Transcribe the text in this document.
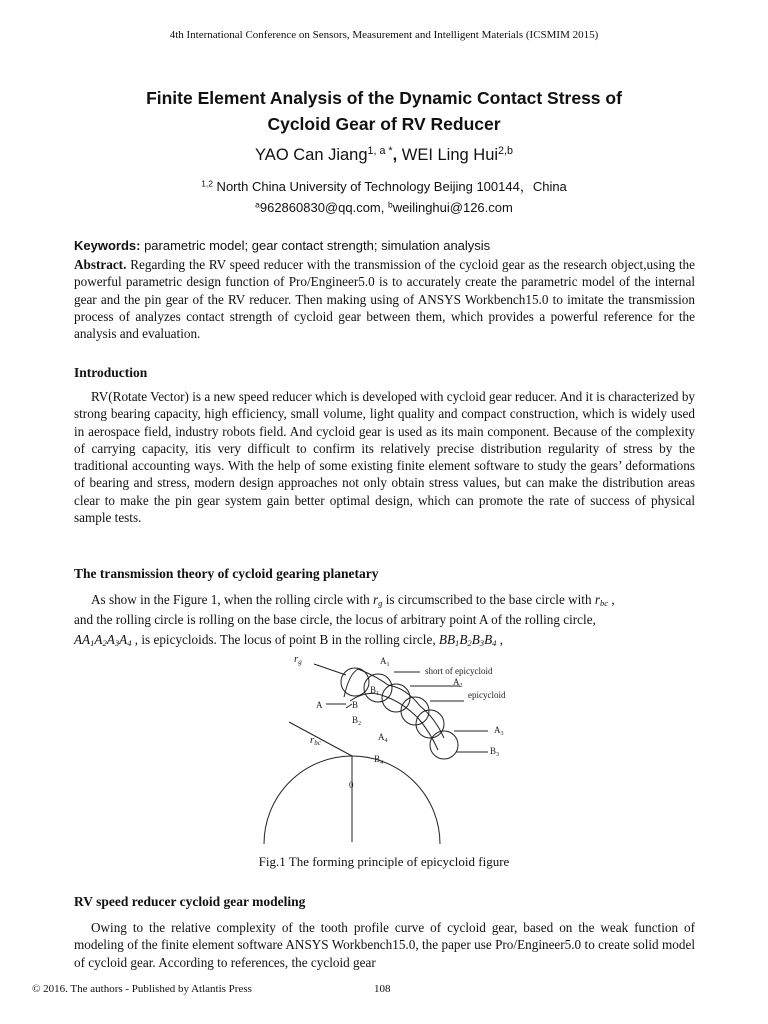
4th International Conference on Sensors, Measurement and Intelligent Materials (ICSMIM 2015)
Finite Element Analysis of the Dynamic Contact Stress of
Cycloid Gear of RV Reducer
YAO Can Jiang$^{1, a *}$, WEI Ling Hui$^{2,b}$
$^{1,2}$ North China University of Technology Beijing 100144，China
$^a$962860830@qq.com, $^b$weilinghui@126.com
Keywords: parametric model; gear contact strength; simulation analysis
Abstract. Regarding the RV speed reducer with the transmission of the cycloid gear as the research object,using the powerful parametric design function of Pro/Engineer5.0 is to accurately create the parametric model of the internal gear and the pin gear of the RV reducer. Then making using of ANSYS Workbench15.0 to imitate the transmission process of analyzes contact strength of cycloid gear between them, which provides a powerful reference for the analysis and evaluation.
Introduction
RV(Rotate Vector) is a new speed reducer which is developed with cycloid gear reducer. And it is characterized by strong bearing capacity, high efficiency, small volume, light quality and compact construction, which is widely used in aerospace field, industry robots field. And cycloid gear is used as its main component. Because of the complexity of carrying capacity, itis very difficult to confirm its relatively precise distribution regularity of stress by the traditional accounting ways. With the help of some existing finite element software to study the gears’ deformations of bearing and stress, modern design approaches not only obtain stress values, but can make the distribution areas clear to make the pin gear system gain better optimal design, which can promote the rate of success of physical sample tests.
The transmission theory of cycloid gearing planetary
As show in the Figure 1, when the rolling circle with $r_g$ is circumscribed to the base circle with $r_{bc}$ ,
and the rolling circle is rolling on the base circle, the locus of arbitrary point A of the rolling circle,
$AA_1A_2A_3A_4$ , is epicycloids. The locus of point B in the rolling circle, $BB_1B_2B_3B_4$ ,
rg	$A_1$
short of epicycloid
$A_2$
$B_1$	epicycloid
A	B
$B_2$
$A_3$
rbc
$A_4$
$B_3$
$B_4$
0
Fig.1 The forming principle of epicycloid figure
RV speed reducer cycloid gear modeling
Owing to the relative complexity of the tooth profile curve of cycloid gear, based on the weak function of modeling of the finite element software ANSYS Workbench15.0, the paper use Pro/Engineer5.0 to create solid model of cycloid gear. According to references, the cycloid gear
© 2016. The authors - Published by Atlantis Press	108
